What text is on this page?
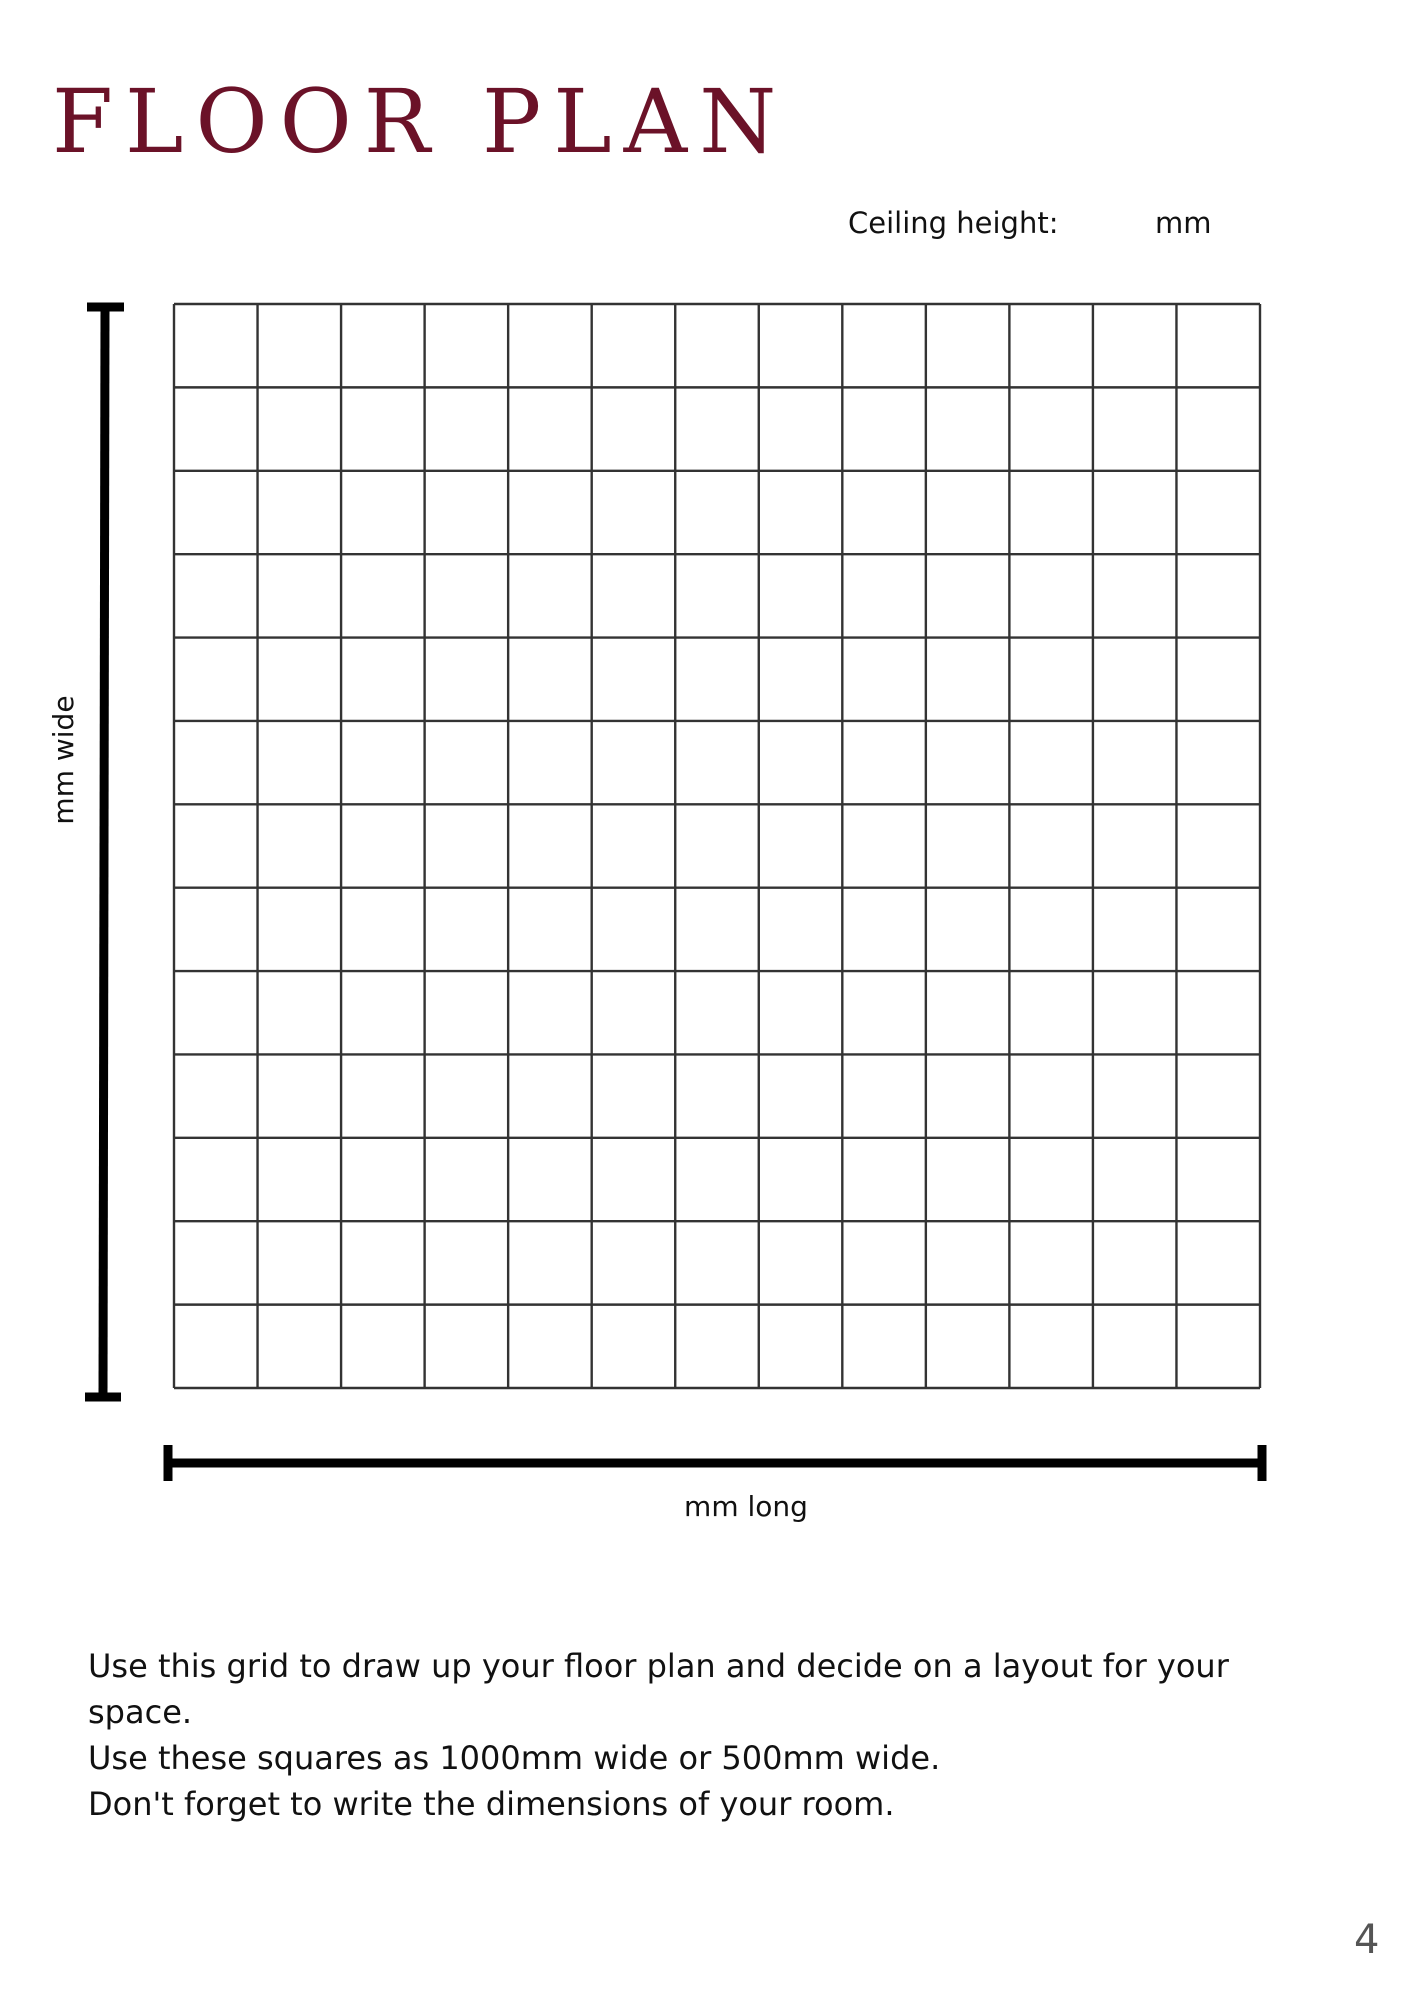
FLOOR PLAN
Ceiling height:	mm
mm wide
mm long

Use this grid to draw up your floor plan and decide on a layout for your space.

Use these squares as 1000mm wide or 500mm wide.

Don't forget to write the dimensions of your room.

4
